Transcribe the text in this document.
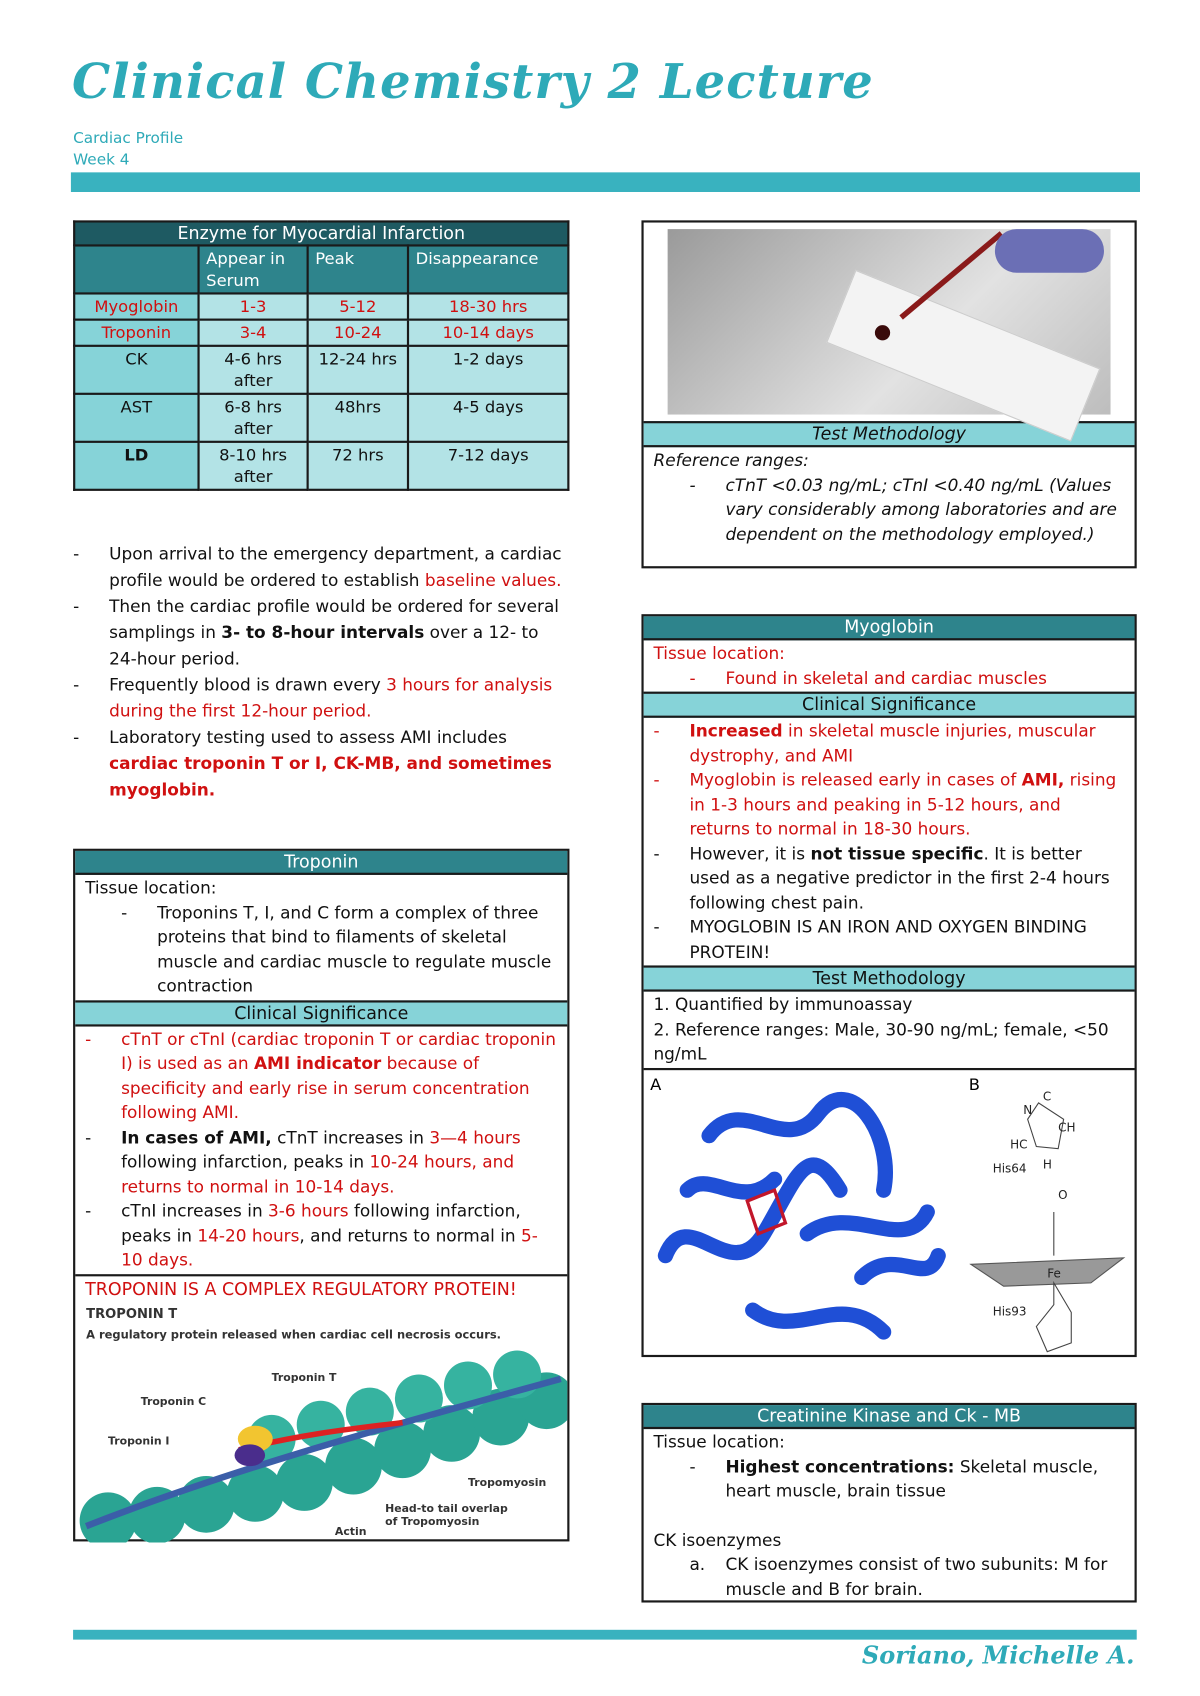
Clinical Chemistry 2 Lecture
Cardiac Profile
Week 4
Enzyme for Myocardial Infarction			
	Appear in Serum	Peak	Disappearance
Myoglobin	1-3	5-12	18-30 hrs
Troponin	3-4	10-24	10-14 days
CK	4-6 hrs after	12-24 hrs	1-2 days
AST	6-8 hrs after	48hrs	4-5 days
LD	8-10 hrs after	72 hrs	7-12 days
-	Upon arrival to the emergency department, a cardiac profile would be ordered to establish baseline values.
-	Then the cardiac profile would be ordered for several samplings in 3- to 8-hour intervals over a 12- to 24-hour period.
-	Frequently blood is drawn every 3 hours for analysis during the first 12-hour period.
-	Laboratory testing used to assess AMI includes cardiac troponin T or I, CK-MB, and sometimes myoglobin.
Troponin
Tissue location:
-	Troponins T, I, and C form a complex of three proteins that bind to filaments of skeletal muscle and cardiac muscle to regulate muscle contraction
Clinical Significance
-	cTnT or cTnI (cardiac troponin T or cardiac troponin I) is used as an AMI indicator because of specificity and early rise in serum concentration following AMI.
-	In cases of AMI, cTnT increases in 3—4 hours following infarction, peaks in 10-24 hours, and returns to normal in 10-14 days.
-	cTnI increases in 3-6 hours following infarction, peaks in 14-20 hours, and returns to normal in 5-10 days.
TROPONIN IS A COMPLEX REGULATORY PROTEIN!
TROPONIN T
A regulatory protein released when cardiac cell necrosis occurs.
Troponin T
Troponin C
Troponin I
Tropomyosin
Actin
Head-to tail overlap
of Tropomyosin
Test Methodology
Reference ranges:
-	cTnT <0.03 ng/mL; cTnI <0.40 ng/mL (Values vary considerably among laboratories and are dependent on the methodology employed.)
Myoglobin
Tissue location:
-	Found in skeletal and cardiac muscles
Clinical Significance
-	Increased in skeletal muscle injuries, muscular dystrophy, and AMI
-	Myoglobin is released early in cases of AMI, rising in 1-3 hours and peaking in 5-12 hours, and returns to normal in 18-30 hours.
-	However, it is not tissue specific. It is better used as a negative predictor in the first 2-4 hours following chest pain.
-	MYOGLOBIN IS AN IRON AND OXYGEN BINDING PROTEIN!
Test Methodology
1. Quantified by immunoassay
2. Reference ranges: Male, 30-90 ng/mL; female, <50 ng/mL
A	B
N
C
HC
CH
H
His64
Fe
O
His93
Creatinine Kinase and Ck - MB
Tissue location:
-	Highest concentrations: Skeletal muscle, heart muscle, brain tissue
CK isoenzymes
a.	CK isoenzymes consist of two subunits: M for muscle and B for brain.
Soriano, Michelle A.
